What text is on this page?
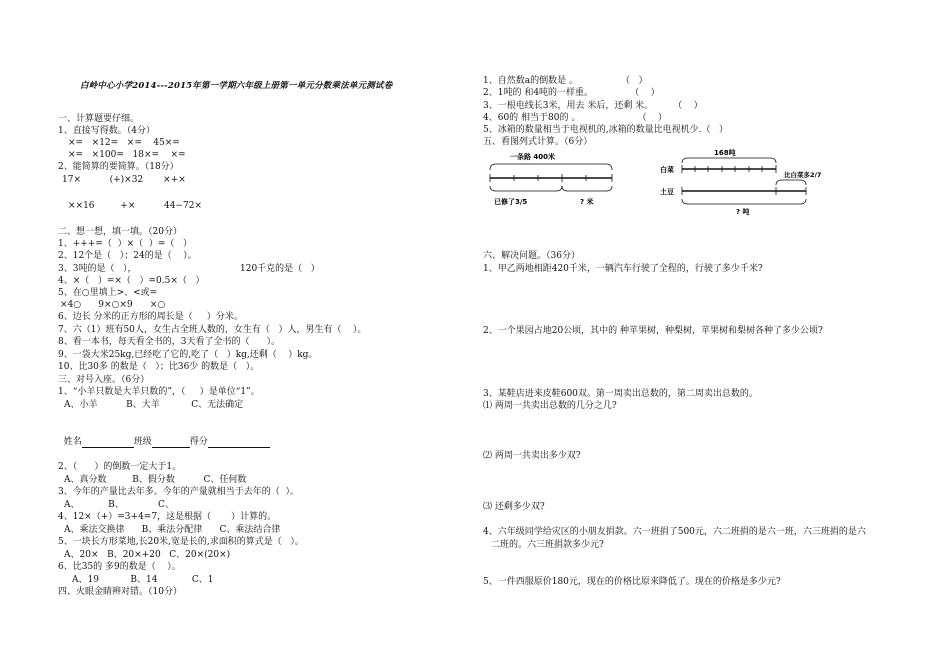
白岭中心小学2014---2015年第一学期六年级上册第一单元分数乘法单元测试卷
一、计算题要仔细。
1、直接写得数。（4分）
×=   ×12=   ×=    45×=
×=   ×100=   18×=    ×=
2、能简算的要简算。（18分）
17×          (+)×32       ×+×
××16         +×          44−72×
二、想一想，填一填。（20分）
1、+++=（  ）×（  ）=（   ）
2、12个是（   ）；24的是（    ）。
3、3吨的是（   ），	120千克的是（   ）
4、×（   ）=×（   ）=0.5×（   ）
5、在○里填上>、<或=
×4○      9×○×9      ×○
6、边长 分米的正方形的周长是（     ）分米。
7、六（1）班有50人，女生占全班人数的，女生有（   ）人，男生有（    ）。
8、看一本书，每天看全书的，3天看了全书的（      ）。
9、一袋大米25kg,已经吃了它的,吃了（   ）kg,还剩（    ）kg。
10、比30多 的数是（   ）；比36少 的数是（   ）。
三、对号入座。（6分）
1、“小羊只数是大羊只数的”，（     ）是单位“1”。
A、小羊          B、大羊           C、无法确定
2、（      ）的倒数一定大于1。
A、真分数         B、假分数          C、任何数
3、今年的产量比去年多。今年的产量就相当于去年的（  ）。
A、          B、            C、
4、12×（+）=3+4=7，这是根据（       ）计算的。
A、乘法交换律      B、乘法分配律      C、乘法结合律
5、一块长方形菜地,长20米,宽是长的,求面积的算式是（   ）。
A、20×   B、20×+20   C、20×(20×)
6、比35的 多9的数是（    ）。
A、19           B、14            C、1
四、火眼金睛辨对错。（10分）
1、自然数a的倒数是 。               （   ）
2、1吨的 和4吨的一样重。             （    ）
3、一根电线长3米，用去 米后，还剩 米。       （    ）
4、60的 相当于80的 。                    （    ）
5、冰箱的数量相当于电视机的,冰箱的数量比电视机少.（   ）
五、看图列式计算。（6分）
六、解决问题。（36分）
1、甲乙两地相距420千米，一辆汽车行驶了全程的，行驶了多少千米?
2、一个果园占地20公顷，其中的 种苹果树，种梨树，苹果树和梨树各种了多少公顷?
3、某鞋店进来皮鞋600双。第一周卖出总数的，第二周卖出总数的。
⑴ 两周一共卖出总数的几分之几?
⑵ 两周一共卖出多少双?
⑶ 还剩多少双?
4、六年级同学给灾区的小朋友捐款。六一班捐了500元，六二班捐的是六一班，六三班捐的是六
二班的。六三班捐款多少元?
5、一件西服原价180元，现在的价格比原来降低了。现在的价格是多少元?

姓名	班级	得分

一条路 400米
已修了3/5	? 米
168吨
白菜
土豆
比白菜多2/7
? 吨
